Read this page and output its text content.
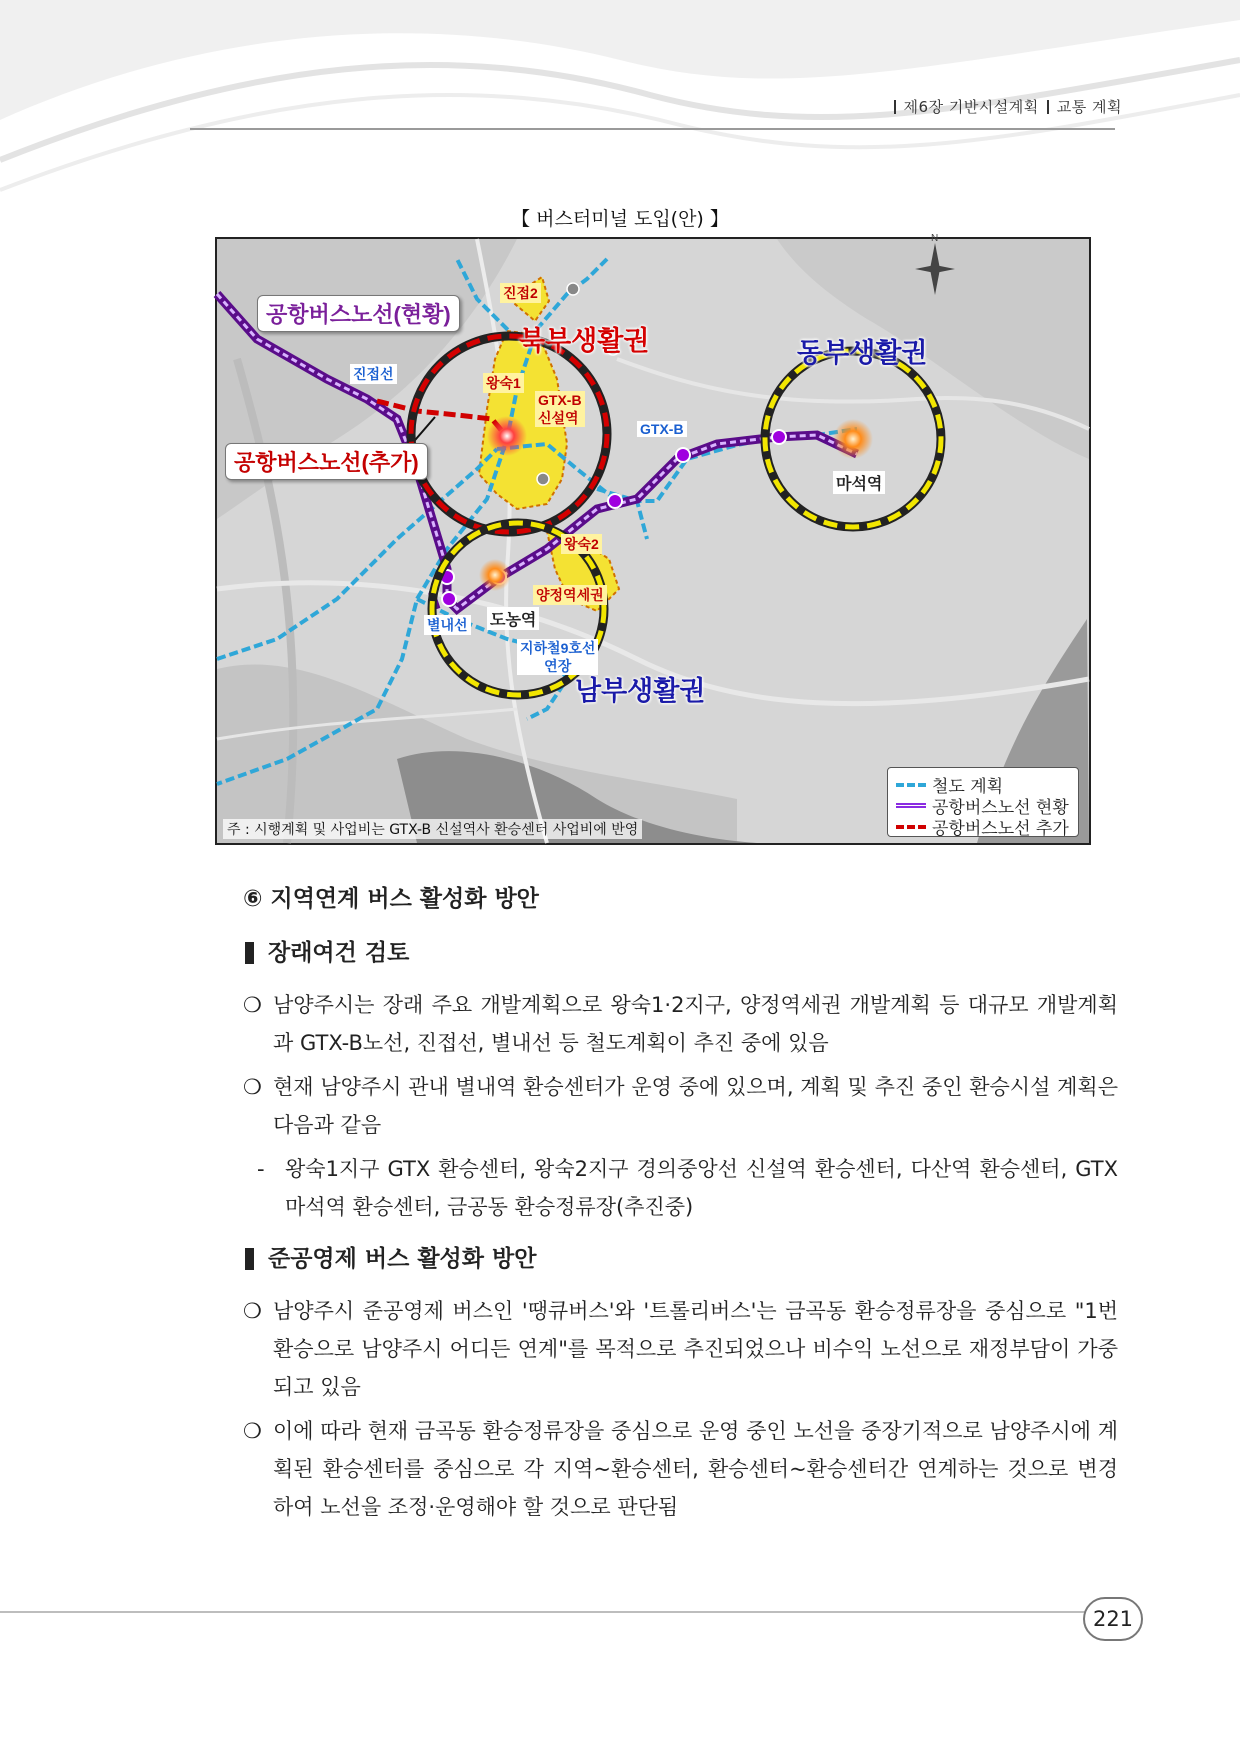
제6장 기반시설계획 교통 계획
【 버스터미널 도입(안) 】
N
공항버스노선(현황)
공항버스노선(추가)
북부생활권	동부생활권
남부생활권
진접선
진접2
왕숙1
GTX-B
신설역
GTX-B
마석역
왕숙2
양정역세권
별내선 도농역
지하철9호선
연장
철도 계획
공항버스노선 현황
공항버스노선 추가
주 : 시행계획 및 사업비는 GTX-B 신설역사 환승센터 사업비에 반영
⑥ 지역연계 버스 활성화 방안
장래여건 검토
❍ 남양주시는 장래 주요 개발계획으로 왕숙1·2지구, 양정역세권 개발계획 등 대규모 개발계획과 GTX-B노선, 진접선, 별내선 등 철도계획이 추진 중에 있음
❍ 현재 남양주시 관내 별내역 환승센터가 운영 중에 있으며, 계획 및 추진 중인 환승시설 계획은 다음과 같음
- 왕숙1지구 GTX 환승센터, 왕숙2지구 경의중앙선 신설역 환승센터, 다산역 환승센터, GTX 마석역 환승센터, 금공동 환승정류장(추진중)
준공영제 버스 활성화 방안
❍ 남양주시 준공영제 버스인 '땡큐버스'와 '트롤리버스'는 금곡동 환승정류장을 중심으로 "1번 환승으로 남양주시 어디든 연계"를 목적으로 추진되었으나 비수익 노선으로 재정부담이 가중되고 있음
❍ 이에 따라 현재 금곡동 환승정류장을 중심으로 운영 중인 노선을 중장기적으로 남양주시에 계획된 환승센터를 중심으로 각 지역~환승센터, 환승센터~환승센터간 연계하는 것으로 변경하여 노선을 조정·운영해야 할 것으로 판단됨
221
